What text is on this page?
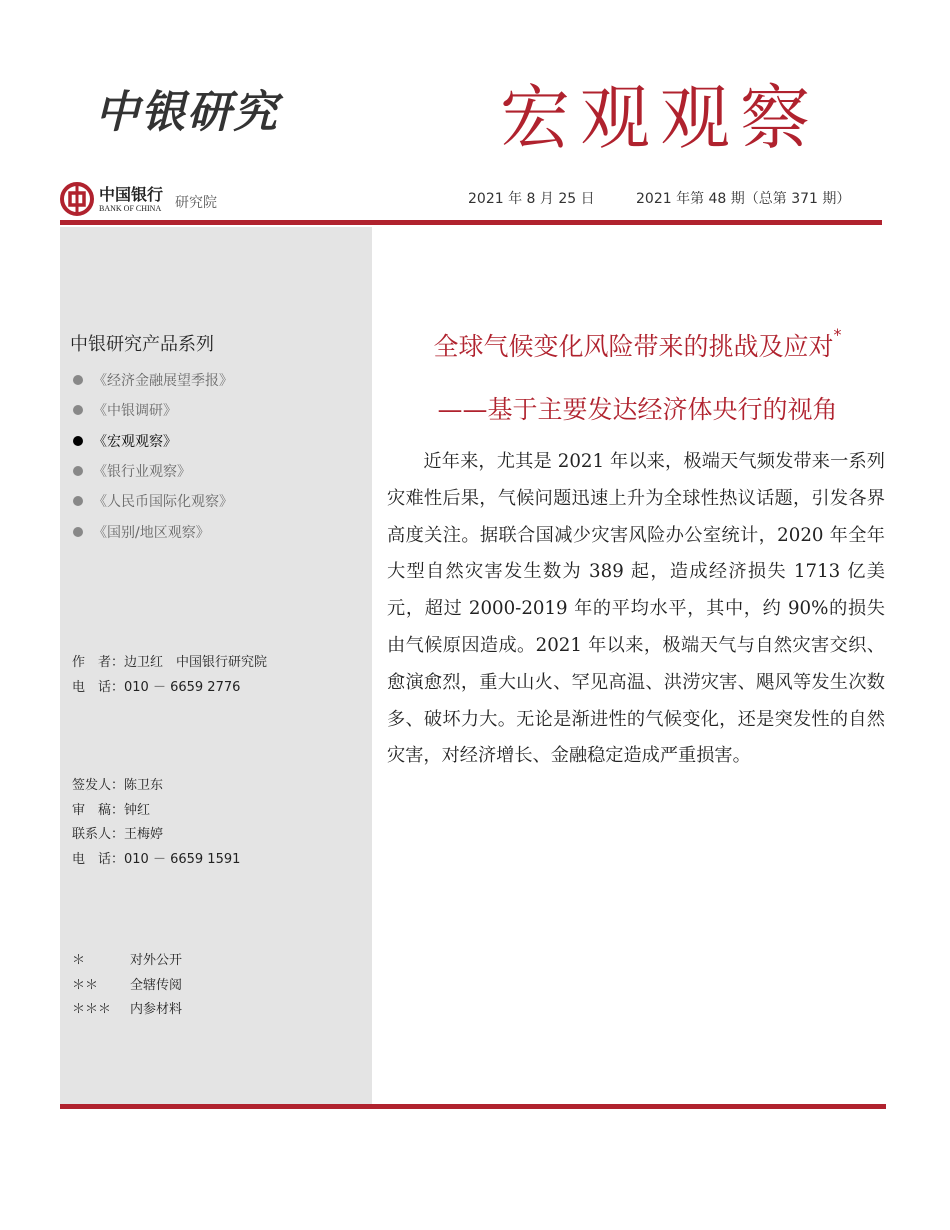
中银研究	宏观观察
中国银行
BANK OF CHINA 研究院	2021 年 8 月 25 日	2021 年第 48 期（总第 371 期）
中银研究产品系列
《经济金融展望季报》
《中银调研》
《宏观观察》
《银行业观察》
《人民币国际化观察》
《国别/地区观察》
作　者：边卫红　中国银行研究院
电　话：010 － 6659 2776
签发人：陈卫东
审　稿：钟红
联系人：王梅婷
电　话：010 － 6659 1591
＊	对外公开
＊＊ 全辖传阅
＊＊＊ 内参材料
全球气候变化风险带来的挑战及应对*
——基于主要发达经济体央行的视角

近年来，尤其是 2021 年以来，极端天气频发带来一系列灾难性后果，气候问题迅速上升为全球性热议话题，引发各界高度关注。据联合国减少灾害风险办公室统计，2020 年全年大型自然灾害发生数为 389 起，造成经济损失 1713 亿美元，超过 2000-2019 年的平均水平，其中，约 90%的损失由气候原因造成。2021 年以来，极端天气与自然灾害交织、愈演愈烈，重大山火、罕见高温、洪涝灾害、飓风等发生次数多、破坏力大。无论是渐进性的气候变化，还是突发性的自然灾害，对经济增长、金融稳定造成严重损害。
